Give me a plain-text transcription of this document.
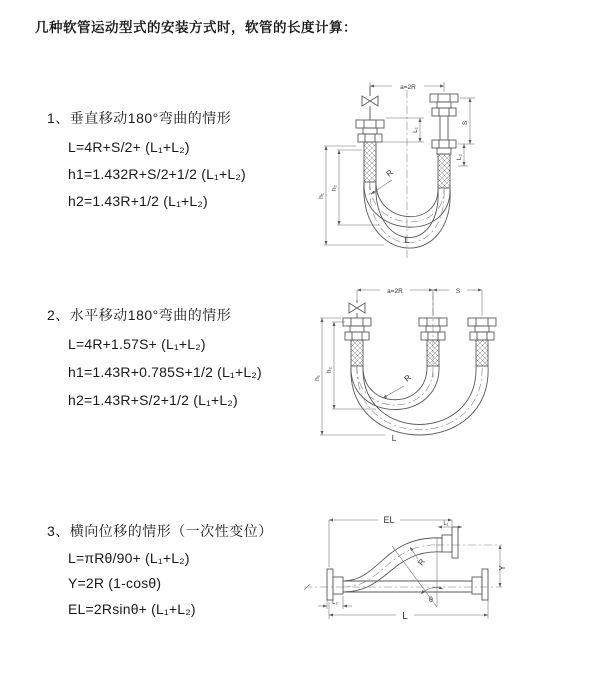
几种软管运动型式的安装方式时，软管的长度计算：
1、垂直移动180°弯曲的情形
L=4R+S/2+ (L₁+L₂)
h1=1.432R+S/2+1/2 (L₁+L₂)
h2=1.43R+1/2 (L₁+L₂)
a=2R
h₁
h₂
L₁
S
L₂
R
L
2、水平移动180°弯曲的情形
L=4R+1.57S+ (L₁+L₂)
h1=1.43R+0.785S+1/2 (L₁+L₂)
h2=1.43R+S/2+1/2 (L₁+L₂)
a=2R	S
h₁
h₂
R
L
3、横向位移的情形（一次性变位）
L=πRθ/90+ (L₁+L₂)
Y=2R (1-cosθ)
EL=2Rsinθ+ (L₁+L₂)
EL	L₁
Y
R
θ
L
L₂
